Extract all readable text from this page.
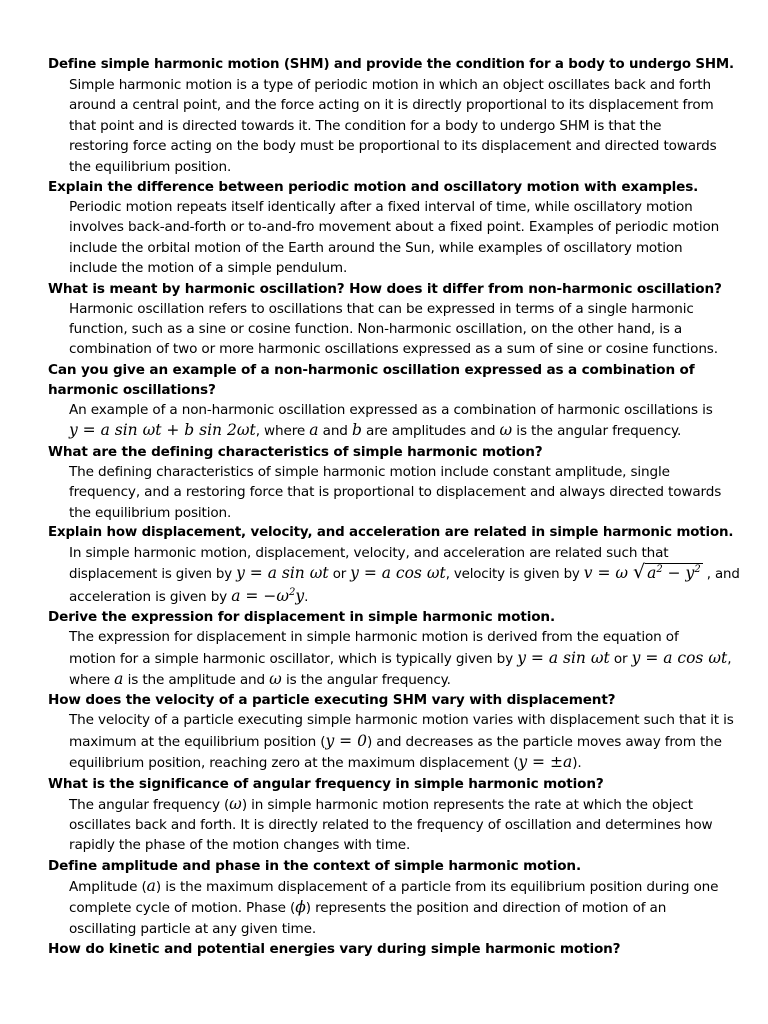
Define simple harmonic motion (SHM) and provide the condition for a body to undergo SHM.
Simple harmonic motion is a type of periodic motion in which an object oscillates back and forth
around a central point, and the force acting on it is directly proportional to its displacement from
that point and is directed towards it. The condition for a body to undergo SHM is that the
restoring force acting on the body must be proportional to its displacement and directed towards
the equilibrium position.
Explain the difference between periodic motion and oscillatory motion with examples.
Periodic motion repeats itself identically after a fixed interval of time, while oscillatory motion
involves back-and-forth or to-and-fro movement about a fixed point. Examples of periodic motion
include the orbital motion of the Earth around the Sun, while examples of oscillatory motion
include the motion of a simple pendulum.
What is meant by harmonic oscillation? How does it differ from non-harmonic oscillation?
Harmonic oscillation refers to oscillations that can be expressed in terms of a single harmonic
function, such as a sine or cosine function. Non-harmonic oscillation, on the other hand, is a
combination of two or more harmonic oscillations expressed as a sum of sine or cosine functions.
Can you give an example of a non-harmonic oscillation expressed as a combination of harmonic oscillations?
An example of a non-harmonic oscillation expressed as a combination of harmonic oscillations is
y = a sin ωt + b sin 2ωt, where a and b are amplitudes and ω is the angular frequency.
What are the defining characteristics of simple harmonic motion?
The defining characteristics of simple harmonic motion include constant amplitude, single
frequency, and a restoring force that is proportional to displacement and always directed towards
the equilibrium position.
Explain how displacement, velocity, and acceleration are related in simple harmonic motion.
In simple harmonic motion, displacement, velocity, and acceleration are related such that
displacement is given by y = a sin ωt or y = a cos ωt, velocity is given by v = ω √ $a^2 - y^2$ , and
acceleration is given by $a = -\omega^2y$.
Derive the expression for displacement in simple harmonic motion.
The expression for displacement in simple harmonic motion is derived from the equation of
motion for a simple harmonic oscillator, which is typically given by y = a sin ωt or y = a cos ωt,
where a is the amplitude and ω is the angular frequency.
How does the velocity of a particle executing SHM vary with displacement?
The velocity of a particle executing simple harmonic motion varies with displacement such that it is
maximum at the equilibrium position (y = 0) and decreases as the particle moves away from the
equilibrium position, reaching zero at the maximum displacement (y = ±a).
What is the significance of angular frequency in simple harmonic motion?
The angular frequency (ω) in simple harmonic motion represents the rate at which the object
oscillates back and forth. It is directly related to the frequency of oscillation and determines how
rapidly the phase of the motion changes with time.
Define amplitude and phase in the context of simple harmonic motion.
Amplitude (a) is the maximum displacement of a particle from its equilibrium position during one
complete cycle of motion. Phase (ϕ) represents the position and direction of motion of an
oscillating particle at any given time.
How do kinetic and potential energies vary during simple harmonic motion?
